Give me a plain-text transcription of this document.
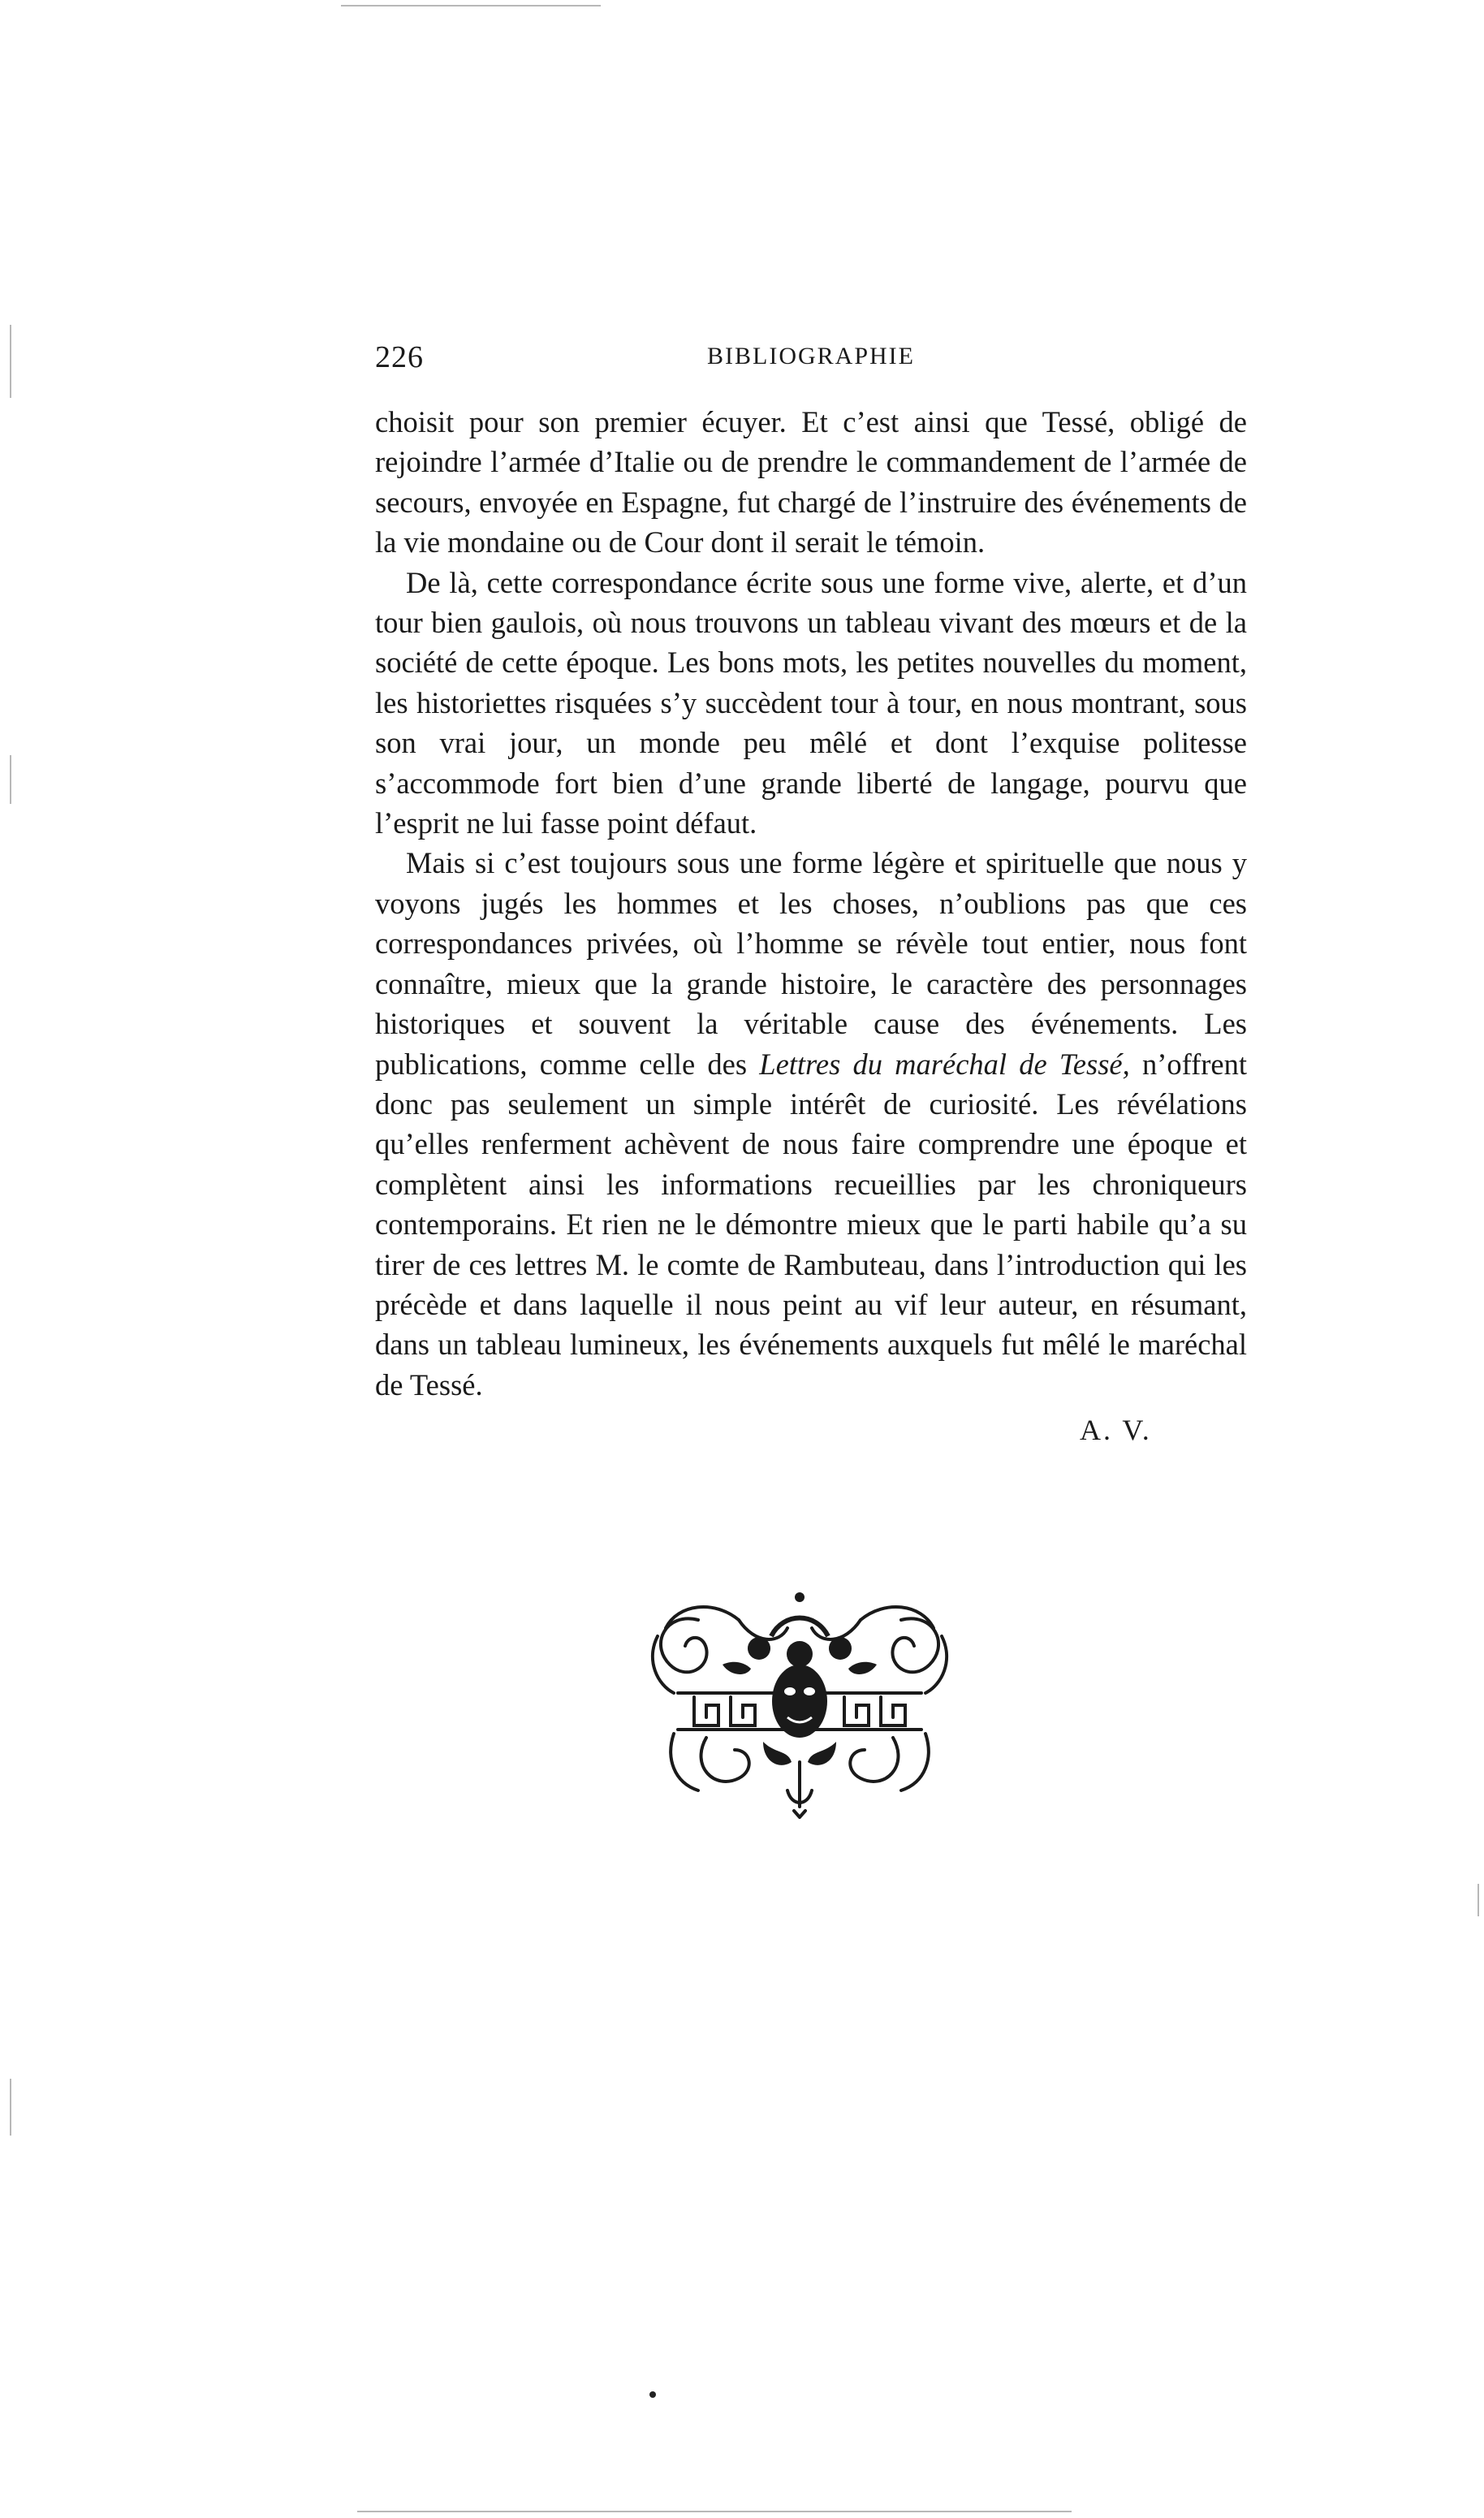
226	BIBLIOGRAPHIE

choisit pour son premier écuyer. Et c’est ainsi que Tessé, obligé de rejoindre l’armée d’Italie ou de prendre le commandement de l’armée de secours, envoyée en Espagne, fut chargé de l’instruire des événements de la vie mondaine ou de Cour dont il serait le témoin.

De là, cette correspondance écrite sous une forme vive, alerte, et d’un tour bien gaulois, où nous trouvons un tableau vivant des mœurs et de la société de cette époque. Les bons mots, les petites nouvelles du moment, les historiettes risquées s’y succèdent tour à tour, en nous montrant, sous son vrai jour, un monde peu mêlé et dont l’exquise politesse s’accommode fort bien d’une grande liberté de langage, pourvu que l’esprit ne lui fasse point défaut.

Mais si c’est toujours sous une forme légère et spirituelle que nous y voyons jugés les hommes et les choses, n’oublions pas que ces correspondances privées, où l’homme se révèle tout entier, nous font connaître, mieux que la grande histoire, le caractère des personnages historiques et souvent la véritable cause des événements. Les publications, comme celle des Lettres du maréchal de Tessé, n’offrent donc pas seulement un simple intérêt de curiosité. Les révélations qu’elles renferment achèvent de nous faire comprendre une époque et complètent ainsi les informations recueillies par les chroniqueurs contemporains. Et rien ne le démontre mieux que le parti habile qu’a su tirer de ces lettres M. le comte de Rambuteau, dans l’introduction qui les précède et dans laquelle il nous peint au vif leur auteur, en résumant, dans un tableau lumineux, les événements auxquels fut mêlé le maréchal de Tessé.

A. V.
